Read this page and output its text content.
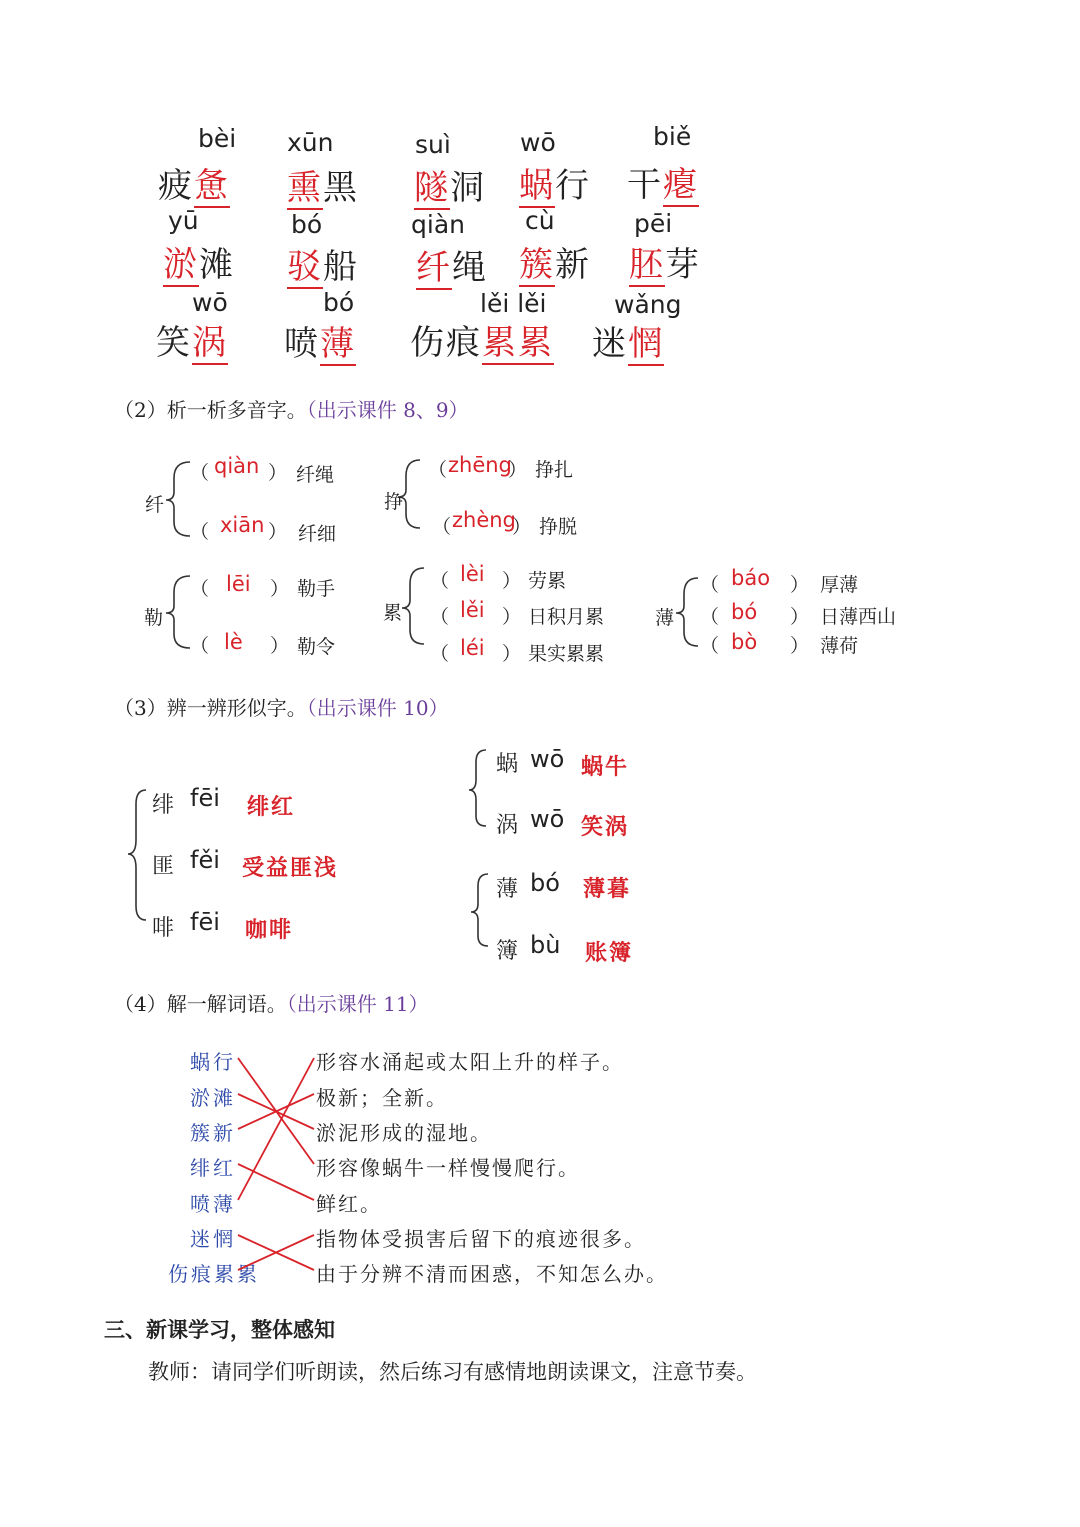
bèi
疲惫
xūn
熏黑
suì
隧洞
wō
蜗行
biě
干瘪
yū
淤滩
bó
驳船
qiàn
纤绳
cù
簇新
pēi
胚芽
wō
笑涡
bó
喷薄
lěi lěi
伤痕累累
wǎng
迷惘
（2）析一析多音字。（出示课件 8、9）
纤
（ qiàn ） 纤绳
（ xiān ） 纤细
挣
（ zhēng
） 挣扎
（ zhèng
） 挣脱
勒
（ lēi ） 勒手
（ lè ） 勒令
累
（ lèi ） 劳累
（ lěi ） 日积月累
（ léi ） 果实累累
薄
（ báo ） 厚薄
（ bó ） 日薄西山
（ bò ） 薄荷
（3）辨一辨形似字。（出示课件 10）
绯 fēi 绯红
匪 fěi 受益匪浅
啡 fēi 咖啡
蜗 wō 蜗牛
涡 wō 笑涡
薄 bó 薄暮
簿 bù 账簿
（4）解一解词语。（出示课件 11）
蜗行
淤滩
簇新
绯红
喷薄
迷惘
伤痕累累
形容水涌起或太阳上升的样子。
极新；全新。
淤泥形成的湿地。
形容像蜗牛一样慢慢爬行。
鲜红。
指物体受损害后留下的痕迹很多。
由于分辨不清而困惑，不知怎么办。
三、新课学习，整体感知
教师：请同学们听朗读，然后练习有感情地朗读课文，注意节奏。
